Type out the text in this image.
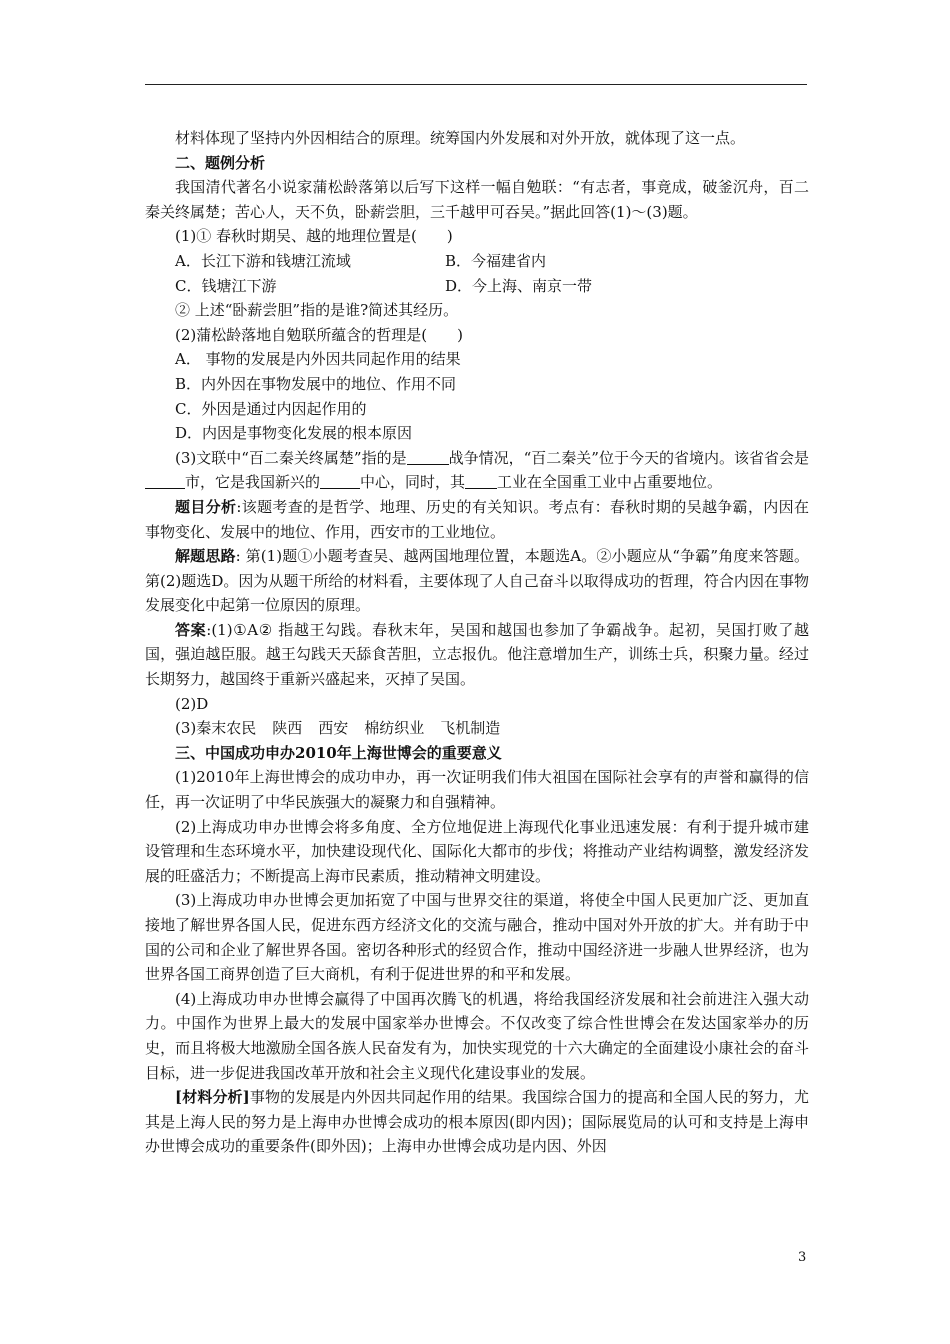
材料体现了坚持内外因相结合的原理。统筹国内外发展和对外开放，就体现了这一点。

二、题例分析

我国清代著名小说家蒲松龄落第以后写下这样一幅自勉联：“有志者，事竟成，破釜沉舟，百二秦关终属楚；苦心人，天不负，卧薪尝胆，三千越甲可吞吴。”据此回答(1)～(3)题。

(1)① 春秋时期吴、越的地理位置是(　　)

A．长江下游和钱塘江流域	B．今福建省内
C．钱塘江下游	D．今上海、南京一带

② 上述“卧薪尝胆”指的是谁?简述其经历。

(2)蒲松龄落地自勉联所蕴含的哲理是(　　)

A． 事物的发展是内外因共同起作用的结果

B．内外因在事物发展中的地位、作用不同

C．外因是通过内因起作用的

D．内因是事物变化发展的根本原因

(3)文联中“百二秦关终属楚”指的是	战争情况，“百二秦关”位于今天的省境内。该省省会是市，它是我国新兴的	中心，同时，其 工业在全国重工业中占重要地位。

题目分析:该题考查的是哲学、地理、历史的有关知识。考点有：春秋时期的吴越争霸，内因在事物变化、发展中的地位、作用，西安市的工业地位。

解题思路: 第(1)题①小题考查吴、越两国地理位置，本题选A。②小题应从“争霸”角度来答题。第(2)题选D。因为从题干所给的材料看，主要体现了人自己奋斗以取得成功的哲理，符合内因在事物发展变化中起第一位原因的原理。

答案:(1)①A② 指越王勾践。春秋末年，吴国和越国也参加了争霸战争。起初，吴国打败了越国，强迫越臣服。越王勾践天天舔食苦胆，立志报仇。他注意增加生产，训练士兵，积聚力量。经过长期努力，越国终于重新兴盛起来，灭掉了吴国。

(2)D

(3)秦末农民 陕西 西安 棉纺织业 飞机制造

三、中国成功申办2010年上海世博会的重要意义

(1)2010年上海世博会的成功申办，再一次证明我们伟大祖国在国际社会享有的声誉和赢得的信任，再一次证明了中华民族强大的凝聚力和自强精神。

(2)上海成功申办世博会将多角度、全方位地促进上海现代化事业迅速发展：有利于提升城市建设管理和生态环境水平，加快建设现代化、国际化大都市的步伐；将推动产业结构调整，激发经济发展的旺盛活力；不断提高上海市民素质，推动精神文明建设。

(3)上海成功申办世博会更加拓宽了中国与世界交往的渠道，将使全中国人民更加广泛、更加直接地了解世界各国人民，促进东西方经济文化的交流与融合，推动中国对外开放的扩大。并有助于中国的公司和企业了解世界各国。密切各种形式的经贸合作，推动中国经济进一步融人世界经济，也为世界各国工商界创造了巨大商机，有利于促进世界的和平和发展。

(4)上海成功申办世博会赢得了中国再次腾飞的机遇，将给我国经济发展和社会前进注入强大动力。中国作为世界上最大的发展中国家举办世博会。不仅改变了综合性世博会在发达国家举办的历史，而且将极大地激励全国各族人民奋发有为，加快实现党的十六大确定的全面建设小康社会的奋斗目标，进一步促进我国改革开放和社会主义现代化建设事业的发展。

[材料分析]事物的发展是内外因共同起作用的结果。我国综合国力的提高和全国人民的努力，尤其是上海人民的努力是上海申办世博会成功的根本原因(即内因)；国际展览局的认可和支持是上海申办世博会成功的重要条件(即外因)；上海申办世博会成功是内因、外因

3
